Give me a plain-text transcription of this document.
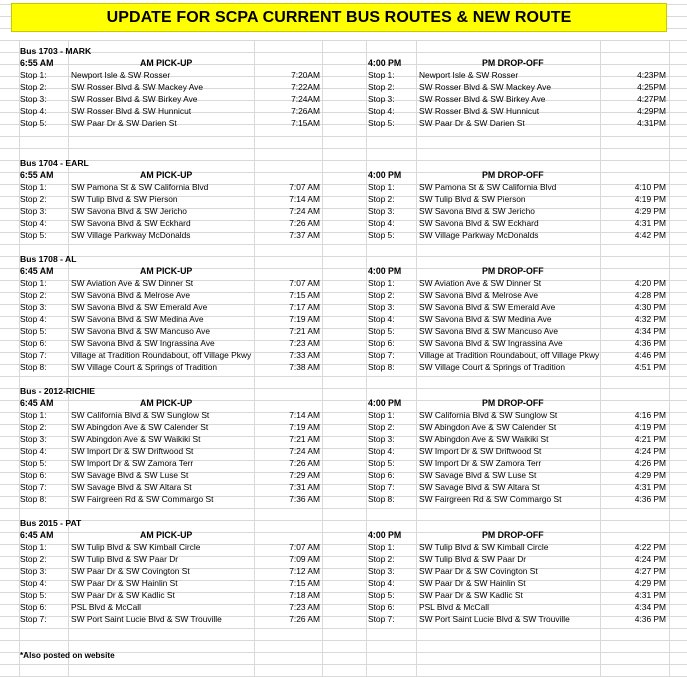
UPDATE FOR SCPA CURRENT BUS ROUTES & NEW ROUTE
Bus 1703 - MARK
6:55 AM	AM PICK-UP	4:00 PM	PM DROP-OFF
Stop 1:	Newport Isle & SW Rosser	7:20AM	Stop 1:	Newport Isle & SW Rosser	4:23PM
Stop 2:	SW Rosser Blvd & SW Mackey Ave	7:22AM	Stop 2:	SW Rosser Blvd & SW Mackey Ave	4:25PM
Stop 3:	SW Rosser Blvd & SW Birkey Ave	7:24AM	Stop 3:	SW Rosser Blvd & SW Birkey Ave	4:27PM
Stop 4:	SW Rosser Blvd & SW Hunnicut	7:26AM	Stop 4:	SW Rosser Blvd & SW Hunnicut	4:29PM
Stop 5:	SW Paar Dr & SW Darien St	7:15AM	Stop 5:	SW Paar Dr & SW Darien St	4:31PM
Bus 1704 - EARL
6:55 AM	AM PICK-UP	4:00 PM	PM DROP-OFF
Stop 1:	SW Pamona St & SW California Blvd	7:07 AM	Stop 1:	SW Pamona St & SW California Blvd	4:10 PM
Stop 2:	SW Tulip Blvd & SW Pierson	7:14 AM	Stop 2:	SW Tulip Blvd & SW Pierson	4:19 PM
Stop 3:	SW Savona Blvd & SW Jericho	7:24 AM	Stop 3:	SW Savona Blvd & SW Jericho	4:29 PM
Stop 4:	SW Savona Blvd & SW Eckhard	7:26 AM	Stop 4:	SW Savona Blvd & SW Eckhard	4:31 PM
Stop 5:	SW Village Parkway McDonalds	7:37 AM	Stop 5:	SW Village Parkway McDonalds	4:42 PM
Bus 1708 - AL
6:45 AM	AM PICK-UP	4:00 PM	PM DROP-OFF
Stop 1:	SW Aviation Ave & SW Dinner St	7:07 AM	Stop 1:	SW Aviation Ave & SW Dinner St	4:20 PM
Stop 2:	SW Savona Blvd & Melrose Ave	7:15 AM	Stop 2:	SW Savona Blvd & Melrose Ave	4:28 PM
Stop 3:	SW Savona Blvd & SW Emerald Ave	7:17 AM	Stop 3:	SW Savona Blvd & SW Emerald Ave	4:30 PM
Stop 4:	SW Savona Blvd & SW Medina Ave	7:19 AM	Stop 4:	SW Savona Blvd & SW Medina Ave	4:32 PM
Stop 5:	SW Savona Blvd & SW Mancuso Ave	7:21 AM	Stop 5:	SW Savona Blvd & SW Mancuso Ave	4:34 PM
Stop 6:	SW Savona Blvd & SW Ingrassina Ave	7:23 AM	Stop 6:	SW Savona Blvd & SW Ingrassina Ave	4:36 PM
Stop 7:	Village at Tradition Roundabout, off Village Pkwy	7:33 AM	Stop 7:	Village at Tradition Roundabout, off Village Pkwy	4:46 PM
Stop 8:	SW Village Court & Springs of Tradition	7:38 AM	Stop 8:	SW Village Court & Springs of Tradition	4:51 PM
Bus - 2012-RICHIE
6:45 AM	AM PICK-UP	4:00 PM	PM DROP-OFF
Stop 1:	SW California Blvd & SW Sunglow St	7:14 AM	Stop 1:	SW California Blvd & SW Sunglow St	4:16 PM
Stop 2:	SW Abingdon Ave & SW Calender St	7:19 AM	Stop 2:	SW Abingdon Ave & SW Calender St	4:19 PM
Stop 3:	SW Abingdon Ave & SW Waikiki St	7:21 AM	Stop 3:	SW Abingdon Ave & SW Waikiki St	4:21 PM
Stop 4:	SW Import Dr & SW Driftwood St	7:24 AM	Stop 4:	SW Import Dr & SW Driftwood St	4:24 PM
Stop 5:	SW Import Dr & SW Zamora Terr	7:26 AM	Stop 5:	SW Import Dr & SW Zamora Terr	4:26 PM
Stop 6:	SW Savage Blvd & SW Luse St	7:29 AM	Stop 6:	SW Savage Blvd & SW Luse St	4:29 PM
Stop 7:	SW Savage Blvd & SW Altara St	7:31 AM	Stop 7:	SW Savage Blvd & SW Altara St	4:31 PM
Stop 8:	SW Fairgreen Rd & SW Commargo St	7:36 AM	Stop 8:	SW Fairgreen Rd & SW Commargo St	4:36 PM
Bus 2015 - PAT
6:45 AM	AM PICK-UP	4:00 PM	PM DROP-OFF
Stop 1:	SW Tulip Blvd & SW Kimball Circle	7:07 AM	Stop 1:	SW Tulip Blvd & SW Kimball Circle	4:22 PM
Stop 2:	SW Tulip Blvd & SW Paar Dr	7:09 AM	Stop 2:	SW Tulip Blvd & SW Paar Dr	4:24 PM
Stop 3:	SW Paar Dr & SW Covington St	7:12 AM	Stop 3:	SW Paar Dr & SW Covington St	4:27 PM
Stop 4:	SW Paar Dr & SW Hainlin St	7:15 AM	Stop 4:	SW Paar Dr & SW Hainlin St	4:29 PM
Stop 5:	SW Paar Dr & SW Kadlic St	7:18 AM	Stop 5:	SW Paar Dr & SW Kadlic St	4:31 PM
Stop 6:	PSL Blvd & McCall	7:23 AM	Stop 6:	PSL Blvd & McCall	4:34 PM
Stop 7:	SW Port Saint Lucie Blvd & SW Trouville	7:26 AM	Stop 7:	SW Port Saint Lucie Blvd & SW Trouville	4:36 PM
*Also posted on website
